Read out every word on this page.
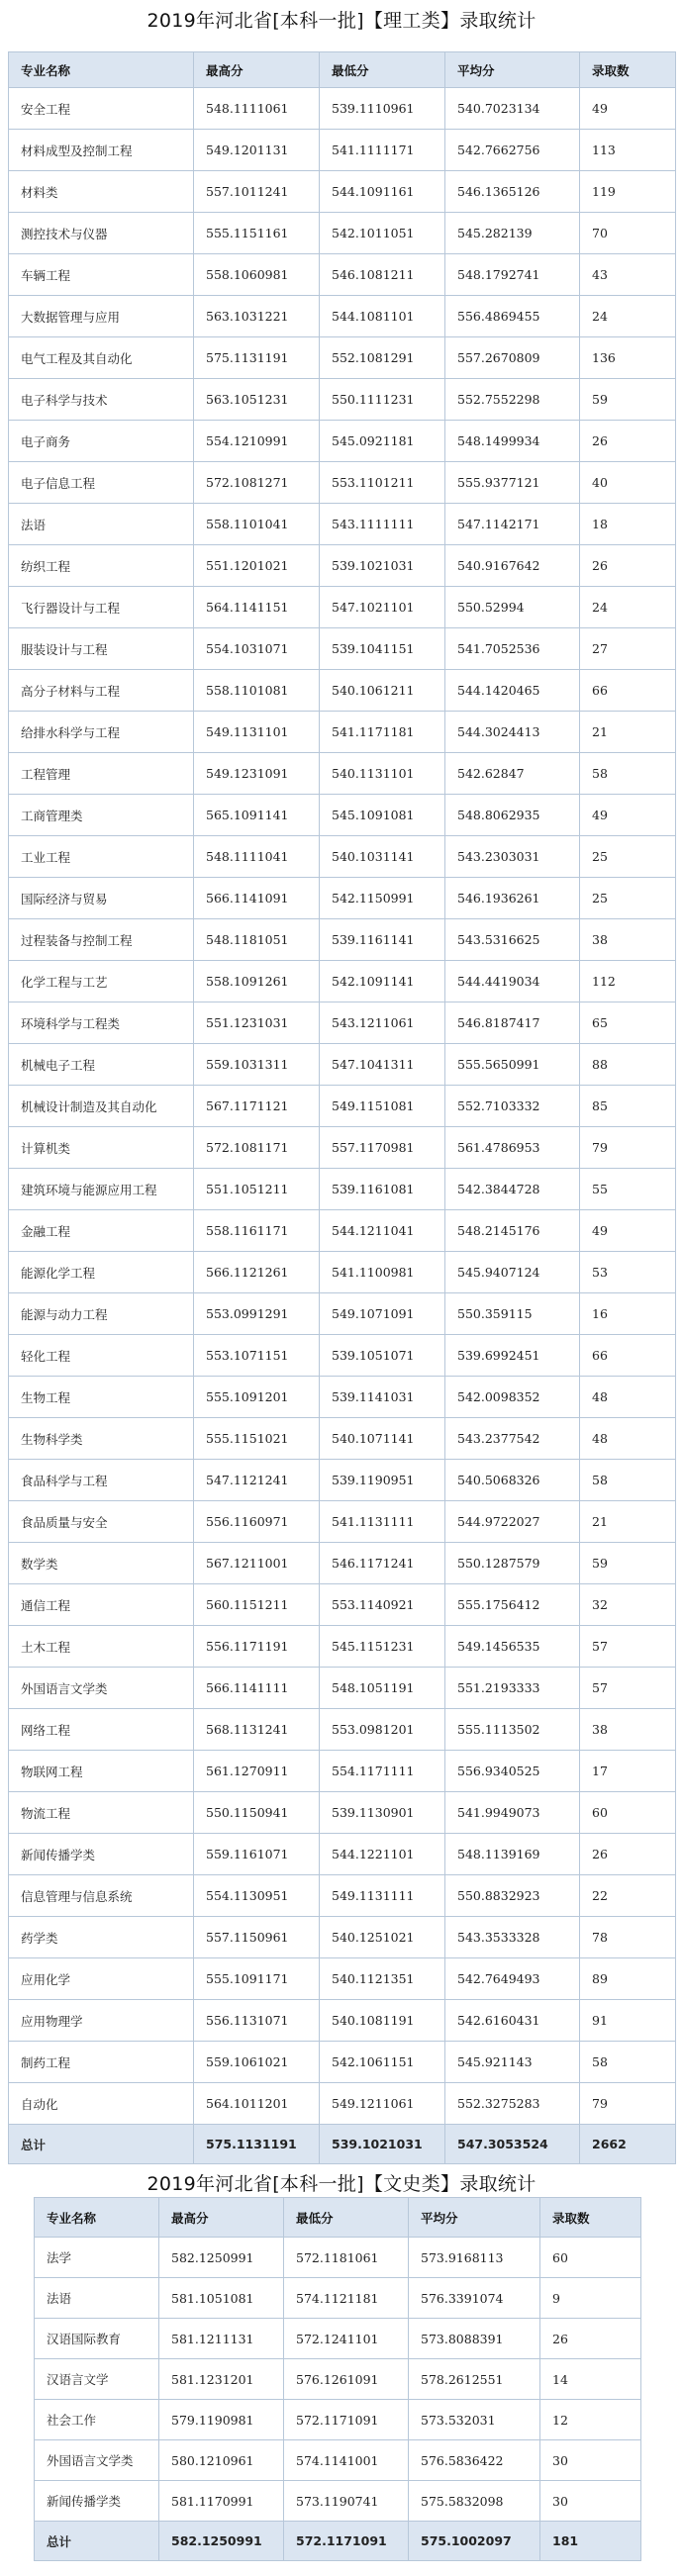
2019年河北省[本科一批]【理工类】录取统计
专业名称	最高分	最低分	平均分	录取数
安全工程	548.1111061	539.1110961	540.7023134	49
材料成型及控制工程	549.1201131	541.1111171	542.7662756	113
材料类	557.1011241	544.1091161	546.1365126	119
测控技术与仪器	555.1151161	542.1011051	545.282139	70
车辆工程	558.1060981	546.1081211	548.1792741	43
大数据管理与应用	563.1031221	544.1081101	556.4869455	24
电气工程及其自动化	575.1131191	552.1081291	557.2670809	136
电子科学与技术	563.1051231	550.1111231	552.7552298	59
电子商务	554.1210991	545.0921181	548.1499934	26
电子信息工程	572.1081271	553.1101211	555.9377121	40
法语	558.1101041	543.1111111	547.1142171	18
纺织工程	551.1201021	539.1021031	540.9167642	26
飞行器设计与工程	564.1141151	547.1021101	550.52994	24
服装设计与工程	554.1031071	539.1041151	541.7052536	27
高分子材料与工程	558.1101081	540.1061211	544.1420465	66
给排水科学与工程	549.1131101	541.1171181	544.3024413	21
工程管理	549.1231091	540.1131101	542.62847	58
工商管理类	565.1091141	545.1091081	548.8062935	49
工业工程	548.1111041	540.1031141	543.2303031	25
国际经济与贸易	566.1141091	542.1150991	546.1936261	25
过程装备与控制工程	548.1181051	539.1161141	543.5316625	38
化学工程与工艺	558.1091261	542.1091141	544.4419034	112
环境科学与工程类	551.1231031	543.1211061	546.8187417	65
机械电子工程	559.1031311	547.1041311	555.5650991	88
机械设计制造及其自动化	567.1171121	549.1151081	552.7103332	85
计算机类	572.1081171	557.1170981	561.4786953	79
建筑环境与能源应用工程	551.1051211	539.1161081	542.3844728	55
金融工程	558.1161171	544.1211041	548.2145176	49
能源化学工程	566.1121261	541.1100981	545.9407124	53
能源与动力工程	553.0991291	549.1071091	550.359115	16
轻化工程	553.1071151	539.1051071	539.6992451	66
生物工程	555.1091201	539.1141031	542.0098352	48
生物科学类	555.1151021	540.1071141	543.2377542	48
食品科学与工程	547.1121241	539.1190951	540.5068326	58
食品质量与安全	556.1160971	541.1131111	544.9722027	21
数学类	567.1211001	546.1171241	550.1287579	59
通信工程	560.1151211	553.1140921	555.1756412	32
土木工程	556.1171191	545.1151231	549.1456535	57
外国语言文学类	566.1141111	548.1051191	551.2193333	57
网络工程	568.1131241	553.0981201	555.1113502	38
物联网工程	561.1270911	554.1171111	556.9340525	17
物流工程	550.1150941	539.1130901	541.9949073	60
新闻传播学类	559.1161071	544.1221101	548.1139169	26
信息管理与信息系统	554.1130951	549.1131111	550.8832923	22
药学类	557.1150961	540.1251021	543.3533328	78
应用化学	555.1091171	540.1121351	542.7649493	89
应用物理学	556.1131071	540.1081191	542.6160431	91
制药工程	559.1061021	542.1061151	545.921143	58
自动化	564.1011201	549.1211061	552.3275283	79
总计	575.1131191	539.1021031	547.3053524	2662
2019年河北省[本科一批]【文史类】录取统计
专业名称	最高分	最低分	平均分	录取数
法学	582.1250991	572.1181061	573.9168113	60
法语	581.1051081	574.1121181	576.3391074	9
汉语国际教育	581.1211131	572.1241101	573.8088391	26
汉语言文学	581.1231201	576.1261091	578.2612551	14
社会工作	579.1190981	572.1171091	573.532031	12
外国语言文学类	580.1210961	574.1141001	576.5836422	30
新闻传播学类	581.1170991	573.1190741	575.5832098	30
总计	582.1250991	572.1171091	575.1002097	181
